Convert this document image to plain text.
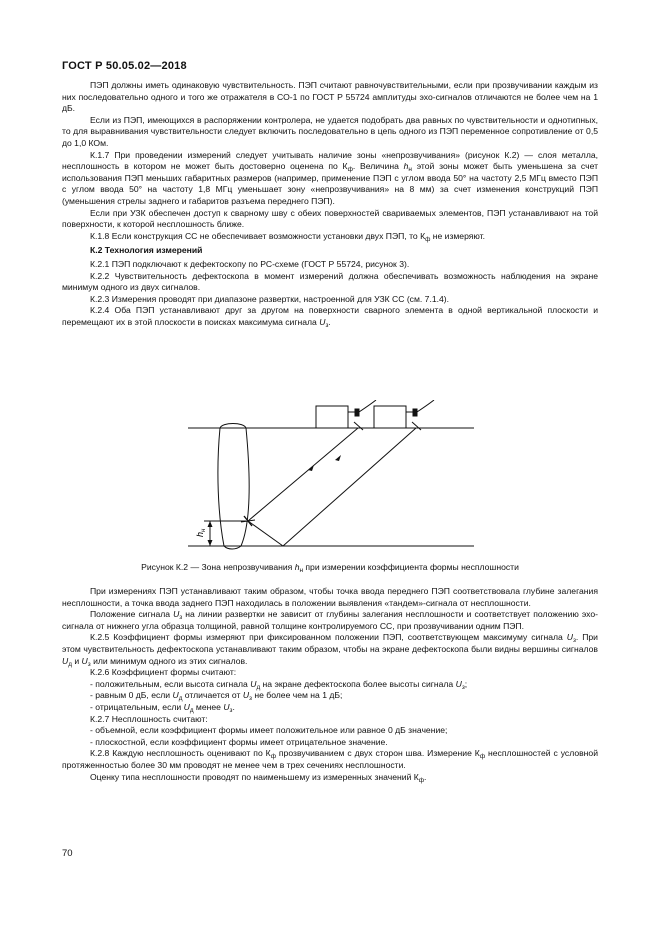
ГОСТ Р 50.05.02—2018

ПЭП должны иметь одинаковую чувствительность. ПЭП считают равночувствительными, если при прозвучивании каждым из них последовательно одного и того же отражателя в СО-1 по ГОСТ Р 55724 амплитуды эхо-сигналов отличаются не более чем на 1 дБ.

Если из ПЭП, имеющихся в распоряжении контролера, не удается подобрать два равных по чувствительности и однотипных, то для выравнивания чувствительности следует включить последовательно в цепь одного из ПЭП переменное сопротивление от 0,5 до 1,0 КОм.

К.1.7 При проведении измерений следует учитывать наличие зоны «непрозвучивания» (рисунок К.2) — слоя металла, несплошность в котором не может быть достоверно оценена по $К_ф$. Величина $h_н$ этой зоны может быть уменьшена за счет использования ПЭП меньших габаритных размеров (например, применение ПЭП с углом ввода 50° на частоту 2,5 МГц вместо ПЭП с углом ввода 50° на частоту 1,8 МГц уменьшает зону «непрозвучивания» на 8 мм) за счет изменения конструкций ПЭП (уменьшения стрелы заднего и габаритов разъема переднего ПЭП).

Если при УЗК обеспечен доступ к сварному шву с обеих поверхностей свариваемых элементов, ПЭП устанавливают на той поверхности, к которой несплошность ближе.

К.1.8 Если конструкция СС не обеспечивает возможности установки двух ПЭП, то $К_ф$ не измеряют.

К.2 Технология измерений

К.2.1 ПЭП подключают к дефектоскопу по РС-схеме (ГОСТ Р 55724, рисунок 3).

К.2.2 Чувствительность дефектоскопа в момент измерений должна обеспечивать возможность наблюдения на экране минимум одного из двух сигналов.

К.2.3 Измерения проводят при диапазоне развертки, настроенной для УЗК СС (см. 7.1.4).

К.2.4 Оба ПЭП устанавливают друг за другом на поверхности сварного элемента в одной вертикальной плоскости и перемещают их в этой плоскости в поисках максимума сигнала $U_з$.

$h_н$
Рисунок К.2 — Зона непрозвучивания $h_н$ при измерении коэффициента формы несплошности

При измерениях ПЭП устанавливают таким образом, чтобы точка ввода переднего ПЭП соответствовала глубине залегания несплошности, а точка ввода заднего ПЭП находилась в положении выявления «тандем»-сигнала от несплошности.

Положение сигнала $U_з$ на линии развертки не зависит от глубины залегания несплошности и соответствует положению эхо-сигнала от нижнего угла образца толщиной, равной толщине контролируемого СС, при прозвучивании одним ПЭП.

К.2.5 Коэффициент формы измеряют при фиксированном положении ПЭП, соответствующем максимуму сигнала $U_з$. При этом чувствительность дефектоскопа устанавливают таким образом, чтобы на экране дефектоскопа были видны вершины сигналов $U_д$ и $U_з$ или минимум одного из этих сигналов.

К.2.6 Коэффициент формы считают:

- положительным, если высота сигнала $U_д$ на экране дефектоскопа более высоты сигнала $U_з$;

- равным 0 дБ, если $U_д$ отличается от $U_з$ не более чем на 1 дБ;

- отрицательным, если $U_д$ менее $U_з$.

К.2.7 Несплошность считают:

- объемной, если коэффициент формы имеет положительное или равное 0 дБ значение;

- плоскостной, если коэффициент формы имеет отрицательное значение.

К.2.8 Каждую несплошность оценивают по $К_ф$ прозвучиванием с двух сторон шва. Измерение $К_ф$ несплошностей с условной протяженностью более 30 мм проводят не менее чем в трех сечениях несплошности.

Оценку типа несплошности проводят по наименьшему из измеренных значений $К_ф$.

70
